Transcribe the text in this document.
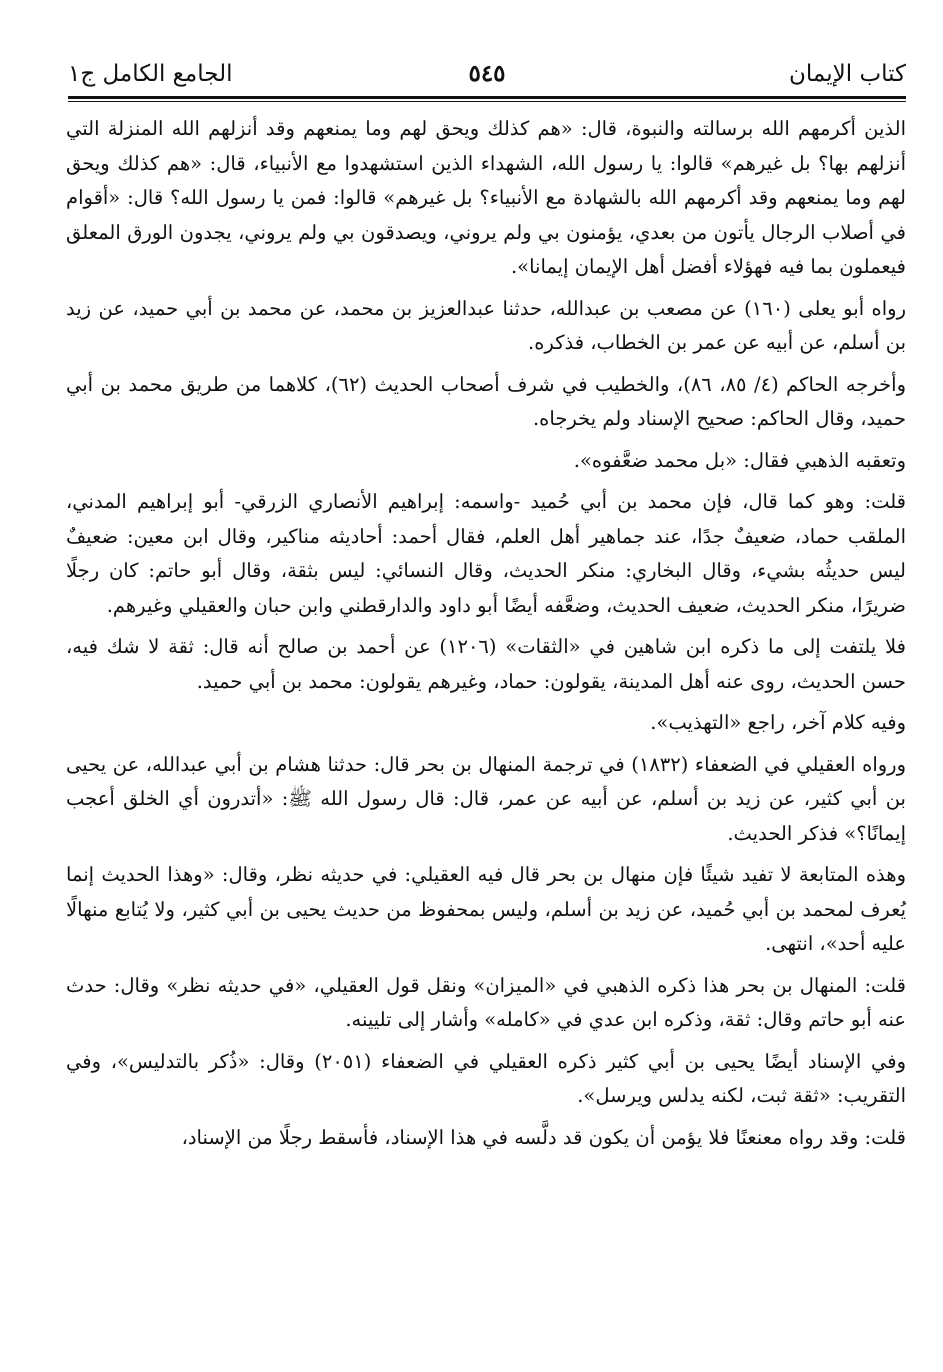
كتاب الإيمان
٥٤٥
الجامع الكامل ج١

الذين أكرمهم الله برسالته والنبوة، قال: «هم كذلك ويحق لهم وما يمنعهم وقد أنزلهم الله المنزلة التي أنزلهم بها؟ بل غيرهم» قالوا: يا رسول الله، الشهداء الذين استشهدوا مع الأنبياء، قال: «هم كذلك ويحق لهم وما يمنعهم وقد أكرمهم الله بالشهادة مع الأنبياء؟ بل غيرهم» قالوا: فمن يا رسول الله؟ قال: «أقوام في أصلاب الرجال يأتون من بعدي، يؤمنون بي ولم يروني، ويصدقون بي ولم يروني، يجدون الورق المعلق فيعملون بما فيه فهؤلاء أفضل أهل الإيمان إيمانا».

رواه أبو يعلى (١٦٠) عن مصعب بن عبدالله، حدثنا عبدالعزيز بن محمد، عن محمد بن أبي حميد، عن زيد بن أسلم، عن أبيه عن عمر بن الخطاب، فذكره.

وأخرجه الحاكم (٤/ ٨٥، ٨٦)، والخطيب في شرف أصحاب الحديث (٦٢)، كلاهما من طريق محمد بن أبي حميد، وقال الحاكم: صحيح الإسناد ولم يخرجاه.

وتعقبه الذهبي فقال: «بل محمد ضعَّفوه».

قلت: وهو كما قال، فإن محمد بن أبي حُميد -واسمه: إبراهيم الأنصاري الزرقي- أبو إبراهيم المدني، الملقب حماد، ضعيفٌ جدًا، عند جماهير أهل العلم، فقال أحمد: أحاديثه مناكير، وقال ابن معين: ضعيفٌ ليس حديثُه بشيء، وقال البخاري: منكر الحديث، وقال النسائي: ليس بثقة، وقال أبو حاتم: كان رجلًا ضريرًا، منكر الحديث، ضعيف الحديث، وضعَّفه أيضًا أبو داود والدارقطني وابن حبان والعقيلي وغيرهم.

فلا يلتفت إلى ما ذكره ابن شاهين في «الثقات» (١٢٠٦) عن أحمد بن صالح أنه قال: ثقة لا شك فيه، حسن الحديث، روى عنه أهل المدينة، يقولون: حماد، وغيرهم يقولون: محمد بن أبي حميد.

وفيه كلام آخر، راجع «التهذيب».

ورواه العقيلي في الضعفاء (١٨٣٢) في ترجمة المنهال بن بحر قال: حدثنا هشام بن أبي عبدالله، عن يحيى بن أبي كثير، عن زيد بن أسلم، عن أبيه عن عمر، قال: قال رسول الله ﷺ: «أتدرون أي الخلق أعجب إيمانًا؟» فذكر الحديث.

وهذه المتابعة لا تفيد شيئًا فإن منهال بن بحر قال فيه العقيلي: في حديثه نظر، وقال: «وهذا الحديث إنما يُعرف لمحمد بن أبي حُميد، عن زيد بن أسلم، وليس بمحفوظ من حديث يحيى بن أبي كثير، ولا يُتابع منهالًا عليه أحد»، انتهى.

قلت: المنهال بن بحر هذا ذكره الذهبي في «الميزان» ونقل قول العقيلي، «في حديثه نظر» وقال: حدث عنه أبو حاتم وقال: ثقة، وذكره ابن عدي في «كامله» وأشار إلى تليينه.

وفي الإسناد أيضًا يحيى بن أبي كثير ذكره العقيلي في الضعفاء (٢٠٥١) وقال: «ذُكر بالتدليس»، وفي التقريب: «ثقة ثبت، لكنه يدلس ويرسل».

قلت: وقد رواه معنعنًا فلا يؤمن أن يكون قد دلَّسه في هذا الإسناد، فأسقط رجلًا من الإسناد،
